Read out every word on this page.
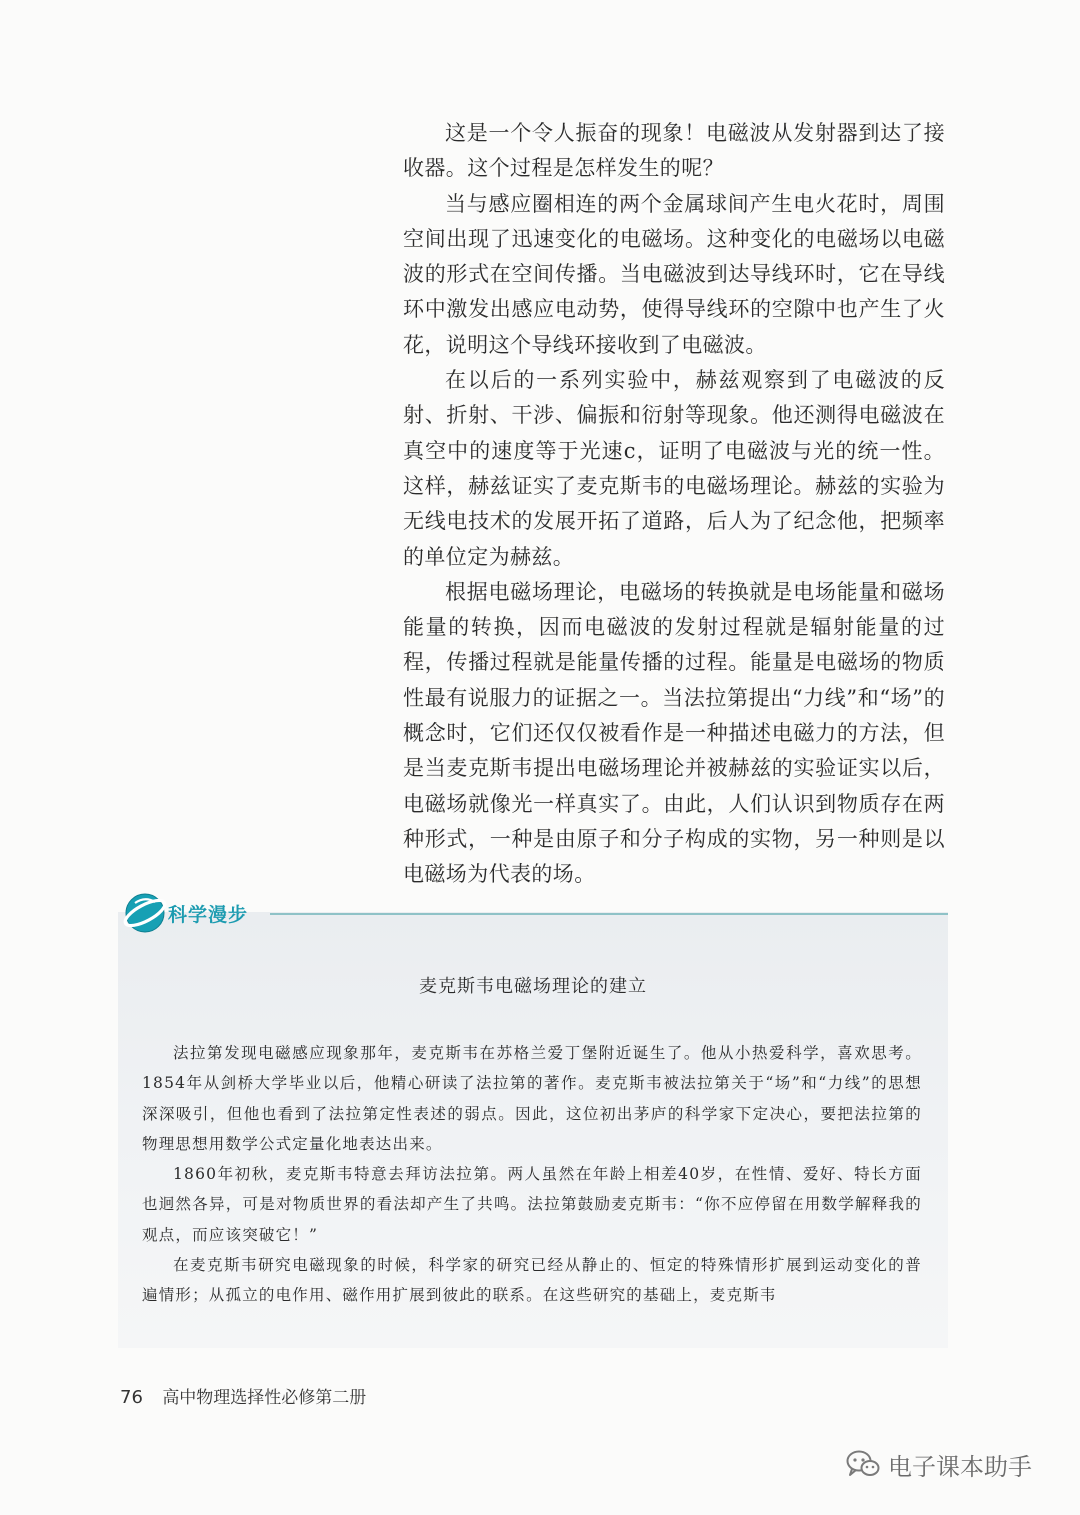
这是一个令人振奋的现象！电磁波从发射器到达了接收器。这个过程是怎样发生的呢？

当与感应圈相连的两个金属球间产生电火花时，周围空间出现了迅速变化的电磁场。这种变化的电磁场以电磁波的形式在空间传播。当电磁波到达导线环时，它在导线环中激发出感应电动势，使得导线环的空隙中也产生了火花，说明这个导线环接收到了电磁波。

在以后的一系列实验中，赫兹观察到了电磁波的反射、折射、干涉、偏振和衍射等现象。他还测得电磁波在真空中的速度等于光速c，证明了电磁波与光的统一性。这样，赫兹证实了麦克斯韦的电磁场理论。赫兹的实验为无线电技术的发展开拓了道路，后人为了纪念他，把频率的单位定为赫兹。

根据电磁场理论，电磁场的转换就是电场能量和磁场能量的转换，因而电磁波的发射过程就是辐射能量的过程，传播过程就是能量传播的过程。能量是电磁场的物质性最有说服力的证据之一。当法拉第提出“力线”和“场”的概念时，它们还仅仅被看作是一种描述电磁力的方法，但是当麦克斯韦提出电磁场理论并被赫兹的实验证实以后，电磁场就像光一样真实了。由此，人们认识到物质存在两种形式，一种是由原子和分子构成的实物，另一种则是以电磁场为代表的场。

麦克斯韦电磁场理论的建立

法拉第发现电磁感应现象那年，麦克斯韦在苏格兰爱丁堡附近诞生了。他从小热爱科学，喜欢思考。1854年从剑桥大学毕业以后，他精心研读了法拉第的著作。麦克斯韦被法拉第关于“场”和“力线”的思想深深吸引，但他也看到了法拉第定性表述的弱点。因此，这位初出茅庐的科学家下定决心，要把法拉第的物理思想用数学公式定量化地表达出来。

1860年初秋，麦克斯韦特意去拜访法拉第。两人虽然在年龄上相差40岁，在性情、爱好、特长方面也迥然各异，可是对物质世界的看法却产生了共鸣。法拉第鼓励麦克斯韦：“你不应停留在用数学解释我的观点，而应该突破它！”

在麦克斯韦研究电磁现象的时候，科学家的研究已经从静止的、恒定的特殊情形扩展到运动变化的普遍情形；从孤立的电作用、磁作用扩展到彼此的联系。在这些研究的基础上，麦克斯韦

科学漫步
76 高中物理选择性必修第二册
电子课本助手
